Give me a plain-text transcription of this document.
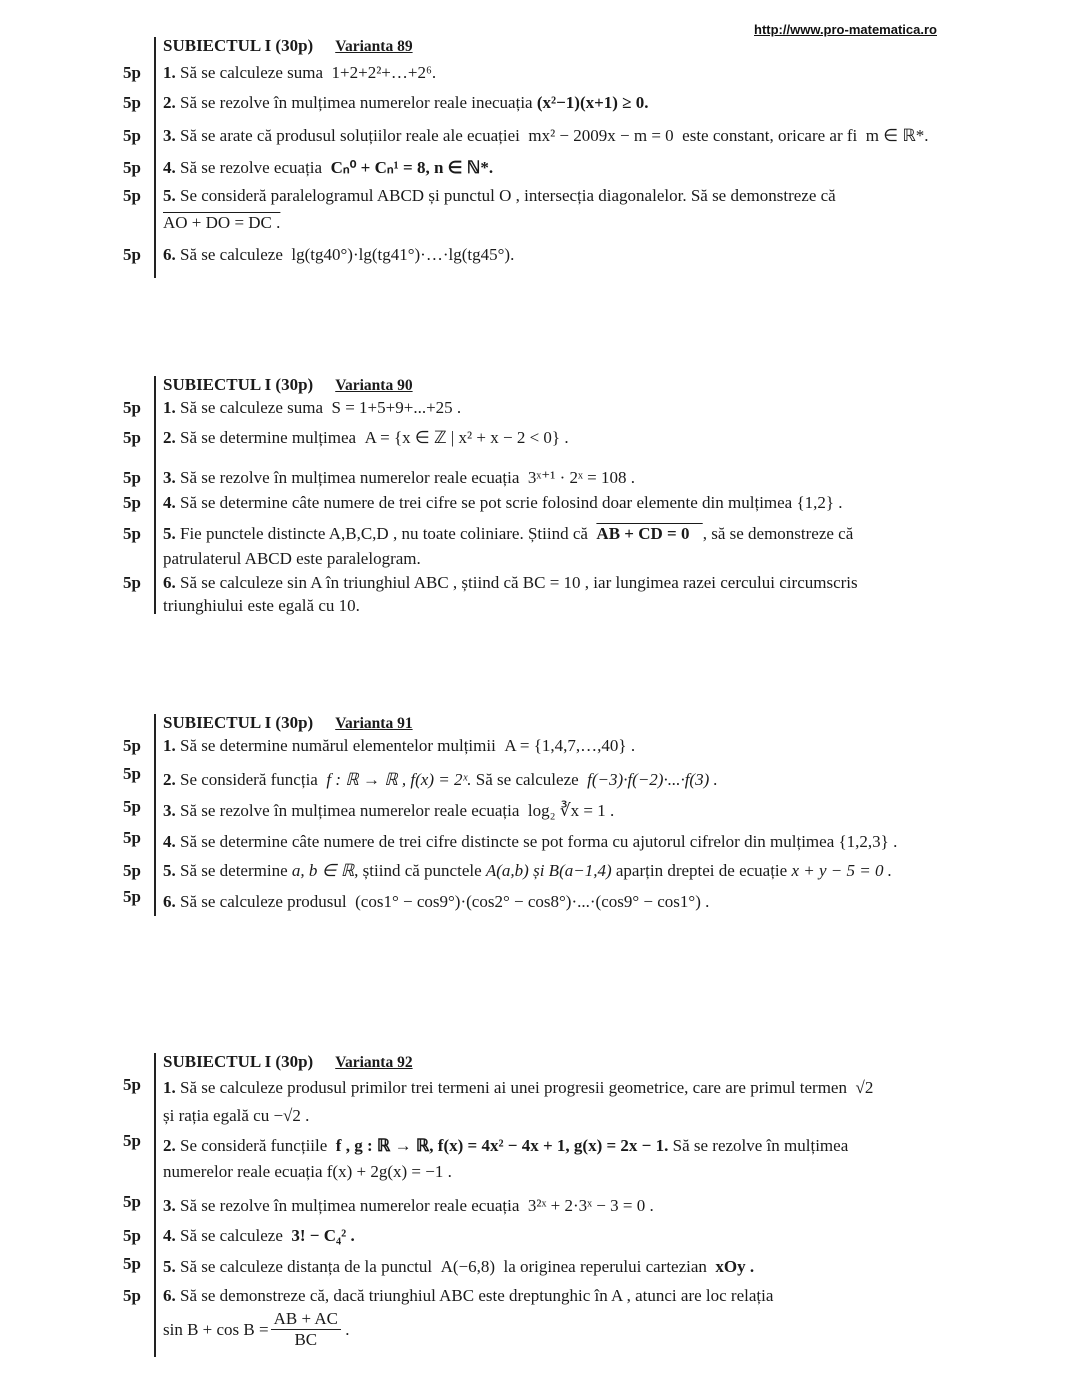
http://www.pro-matematica.ro
SUBIECTUL I (30p) Varianta 89
5p 1. Să se calculeze suma 1+2+2²+…+2⁶.
5p 2. Să se rezolve în mulțimea numerelor reale inecuația (x²−1)(x+1) ≥ 0.
5p 3. Să se arate că produsul soluțiilor reale ale ecuației mx² − 2009x − m = 0 este constant, oricare ar fi m ∈ ℝ*.
5p 4. Să se rezolve ecuația Cₙ⁰ + Cₙ¹ = 8, n ∈ ℕ*.
5p 5. Se consideră paralelogramul ABCD și punctul O , intersecția diagonalelor. Să se demonstreze că
AO + DO = DC .
5p 6. Să se calculeze lg(tg40°)·lg(tg41°)·…·lg(tg45°).
SUBIECTUL I (30p) Varianta 90
5p 1. Să se calculeze suma S = 1+5+9+...+25 .
5p 2. Să se determine mulțimea A = {x ∈ ℤ | x² + x − 2 < 0} .
5p 3. Să se rezolve în mulțimea numerelor reale ecuația 3ˣ⁺¹ · 2ˣ = 108 .
5p 4. Să se determine câte numere de trei cifre se pot scrie folosind doar elemente din mulțimea {1,2} .
5p 5. Fie punctele distincte A,B,C,D , nu toate coliniare. Știind că AB + CD = 0⃗, să se demonstreze că
patrulaterul ABCD este paralelogram.
5p 6. Să se calculeze sin A în triunghiul ABC , știind că BC = 10 , iar lungimea razei cercului circumscris
triunghiului este egală cu 10.
SUBIECTUL I (30p) Varianta 91
5p 1. Să se determine numărul elementelor mulțimii A = {1,4,7,…,40} .
5p 2. Se consideră funcția f : ℝ → ℝ , f(x) = 2ˣ. Să se calculeze f(−3)·f(−2)·...·f(3) .
5p 3. Să se rezolve în mulțimea numerelor reale ecuația log₂ ∛x = 1 .
5p 4. Să se determine câte numere de trei cifre distincte se pot forma cu ajutorul cifrelor din mulțimea {1,2,3} .
5p 5. Să se determine a, b ∈ ℝ, știind că punctele A(a,b) și B(a−1,4) aparțin dreptei de ecuație x + y − 5 = 0 .
5p 6. Să se calculeze produsul (cos1° − cos9°)·(cos2° − cos8°)·...·(cos9° − cos1°) .
SUBIECTUL I (30p) Varianta 92
5p 1. Să se calculeze produsul primilor trei termeni ai unei progresii geometrice, care are primul termen √2
și rația egală cu −√2 .
5p 2. Se consideră funcțiile f , g : ℝ → ℝ, f(x) = 4x² − 4x + 1, g(x) = 2x − 1. Să se rezolve în mulțimea
numerelor reale ecuația f(x) + 2g(x) = −1 .
5p 3. Să se rezolve în mulțimea numerelor reale ecuația 3²ˣ + 2·3ˣ − 3 = 0 .
5p 4. Să se calculeze 3! − C₄² .
5p 5. Să se calculeze distanța de la punctul A(−6,8) la originea reperului cartezian xOy .
5p 6. Să se demonstreze că, dacă triunghiul ABC este dreptunghic în A , atunci are loc relația
$\sin B + \cos B = \frac{AB + AC}{BC}$ .
